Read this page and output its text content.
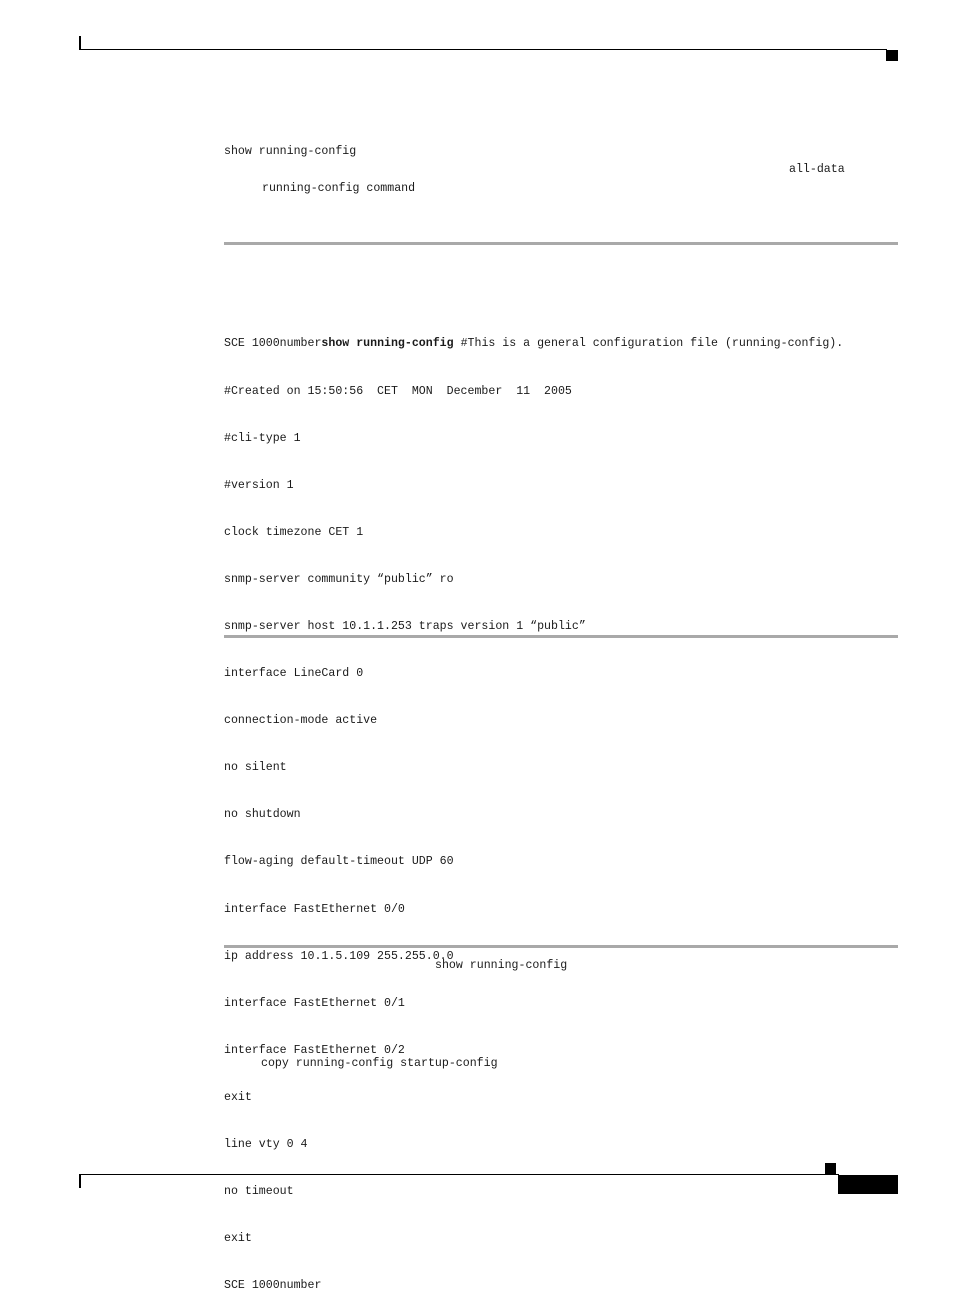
show running-config
all-data
running-config command

SCE 1000numbershow running-config #This is a general configuration file (running-config).

#Created on 15:50:56  CET  MON  December  11  2005

#cli-type 1

#version 1

clock timezone CET 1

snmp-server community “public” ro

snmp-server host 10.1.1.253 traps version 1 “public”

interface LineCard 0

connection-mode active

no silent

no shutdown

flow-aging default-timeout UDP 60

interface FastEthernet 0/0

ip address 10.1.5.109 255.255.0.0

interface FastEthernet 0/1

interface FastEthernet 0/2

exit

line vty 0 4

no timeout

exit

SCE 1000number

show running-config
copy running-config startup-config
